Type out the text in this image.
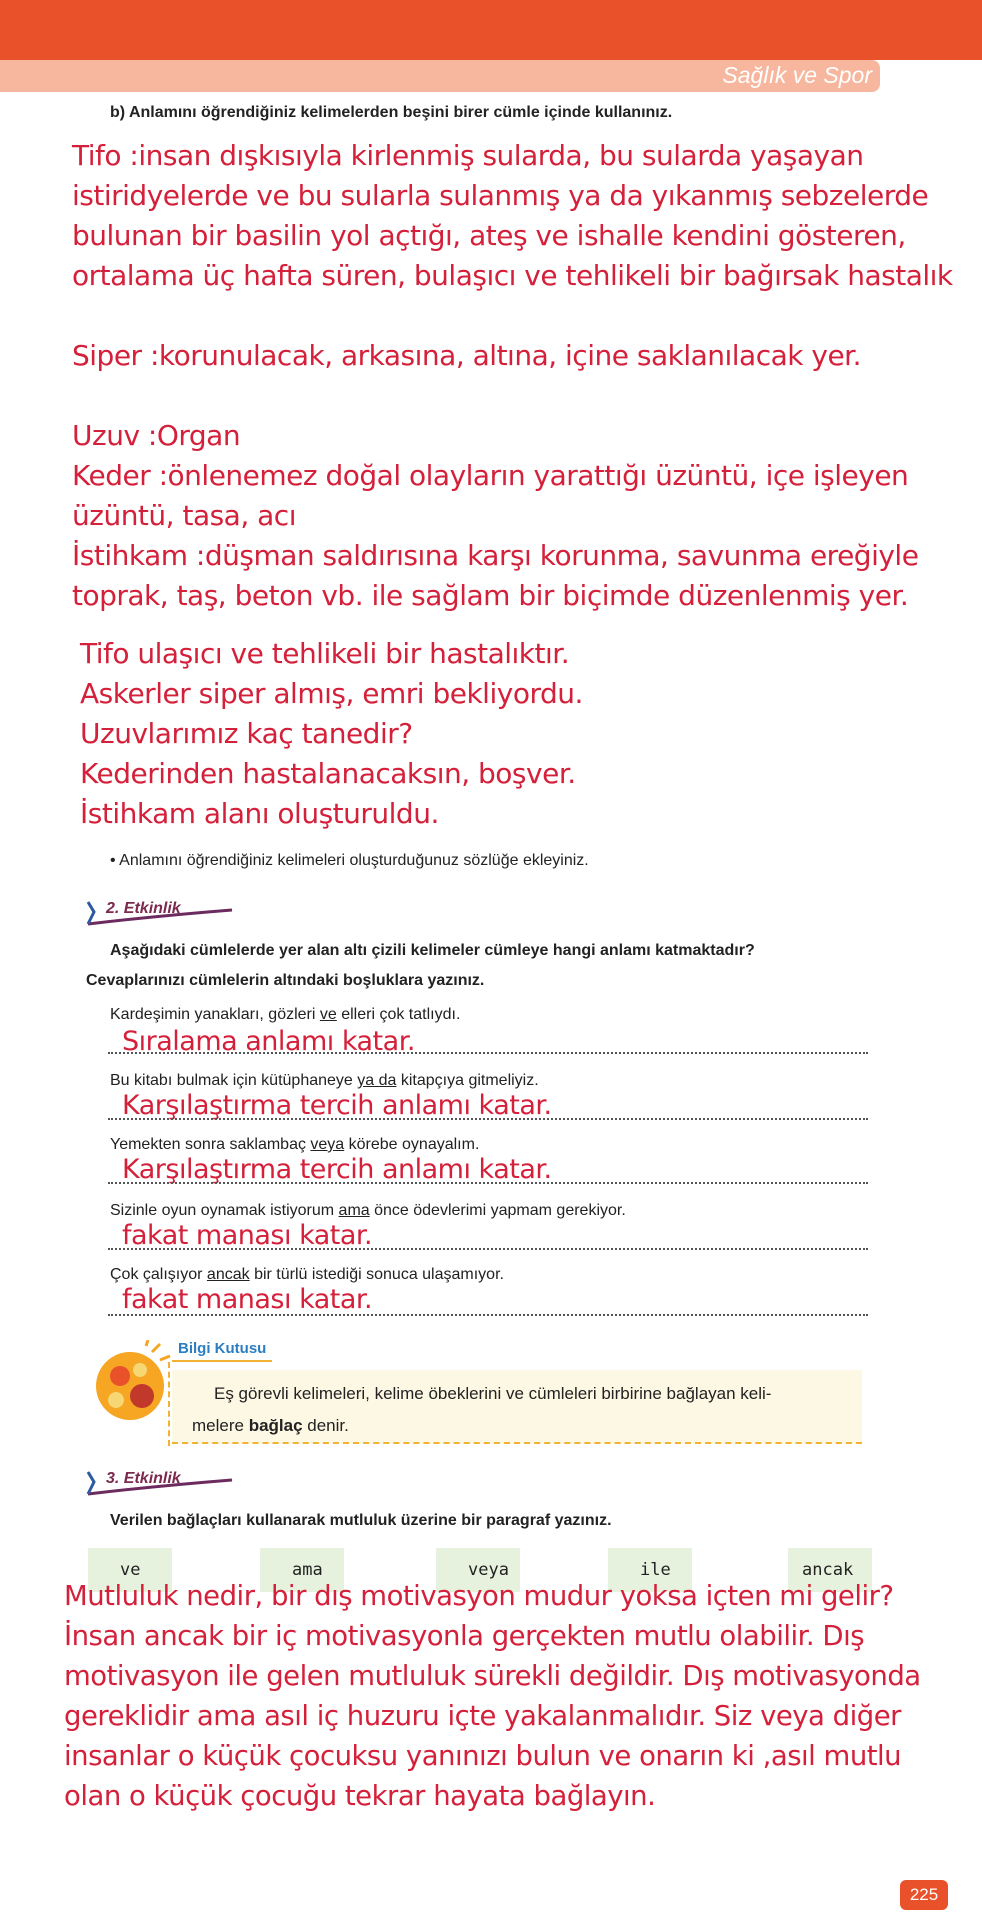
Sağlık ve Spor
b) Anlamını öğrendiğiniz kelimelerden beşini birer cümle içinde kullanınız.
Tifo :insan dışkısıyla kirlenmiş sularda, bu sularda yaşayan
istiridyelerde ve bu sularla sulanmış ya da yıkanmış sebzelerde
bulunan bir basilin yol açtığı, ateş ve ishalle kendini gösteren,
ortalama üç hafta süren, bulaşıcı ve tehlikeli bir bağırsak hastalık
Siper :korunulacak, arkasına, altına, içine saklanılacak yer.
Uzuv :Organ
Keder :önlenemez doğal olayların yarattığı üzüntü, içe işleyen
üzüntü, tasa, acı
İstihkam :düşman saldırısına karşı korunma, savunma ereğiyle
toprak, taş, beton vb. ile sağlam bir biçimde düzenlenmiş yer.
Tifo ulaşıcı ve tehlikeli bir hastalıktır.
Askerler siper almış, emri bekliyordu.
Uzuvlarımız kaç tanedir?
Kederinden hastalanacaksın, boşver.
İstihkam alanı oluşturuldu.
• Anlamını öğrendiğiniz kelimeleri oluşturduğunuz sözlüğe ekleyiniz.
2. Etkinlik
Aşağıdaki cümlelerde yer alan altı çizili kelimeler cümleye hangi anlamı katmaktadır?
Cevaplarınızı cümlelerin altındaki boşluklara yazınız.
Kardeşimin yanakları, gözleri ve elleri çok tatlıydı.
Sıralama anlamı katar.
Bu kitabı bulmak için kütüphaneye ya da kitapçıya gitmeliyiz.
Karşılaştırma tercih anlamı katar.
Yemekten sonra saklambaç veya körebe oynayalım.
Karşılaştırma tercih anlamı katar.
Sizinle oyun oynamak istiyorum ama önce ödevlerimi yapmam gerekiyor.
fakat manası katar.
Çok çalışıyor ancak bir türlü istediği sonuca ulaşamıyor.
fakat manası katar.
Bilgi Kutusu
Eş görevli kelimeleri, kelime öbeklerini ve cümleleri birbirine bağlayan keli-
melere bağlaç denir.
3. Etkinlik
Verilen bağlaçları kullanarak mutluluk üzerine bir paragraf yazınız.
ve	ama	veya	ile	ancak
Mutluluk nedir, bir dış motivasyon mudur yoksa içten mi gelir?
İnsan ancak bir iç motivasyonla gerçekten mutlu olabilir. Dış
motivasyon ile gelen mutluluk sürekli değildir. Dış motivasyonda
gereklidir ama asıl iç huzuru içte yakalanmalıdır. Siz veya diğer
insanlar o küçük çocuksu yanınızı bulun ve onarın ki ,asıl mutlu
olan o küçük çocuğu tekrar hayata bağlayın.
225
